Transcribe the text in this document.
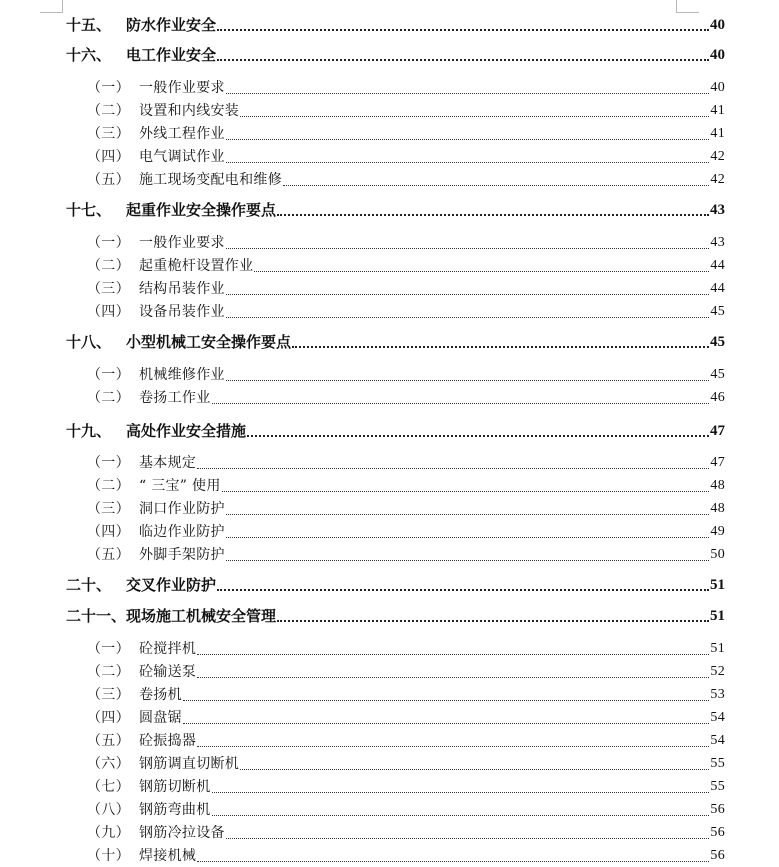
十五、 防水作业安全	40
十六、 电工作业安全	40
（一） 一般作业要求	40
（二） 设置和内线安装	41
（三） 外线工程作业	41
（四） 电气调试作业	42
（五） 施工现场变配电和维修	42
十七、 起重作业安全操作要点	43
（一） 一般作业要求	43
（二） 起重桅杆设置作业	44
（三） 结构吊装作业	44
（四） 设备吊装作业	45
十八、 小型机械工安全操作要点	45
（一） 机械维修作业	45
（二） 卷扬工作业	46
十九、 高处作业安全措施	47
（一） 基本规定	47
（二） “ 三宝” 使用	48
（三） 洞口作业防护	48
（四） 临边作业防护	49
（五） 外脚手架防护	50
二十、 交叉作业防护	51
二十一、 现场施工机械安全管理	51
（一） 砼搅拌机	51
（二） 砼输送泵	52
（三） 卷扬机	53
（四） 圆盘锯	54
（五） 砼振捣器	54
（六） 钢筋调直切断机	55
（七） 钢筋切断机	55
（八） 钢筋弯曲机	56
（九） 钢筋冷拉设备	56
（十） 焊接机械	56
